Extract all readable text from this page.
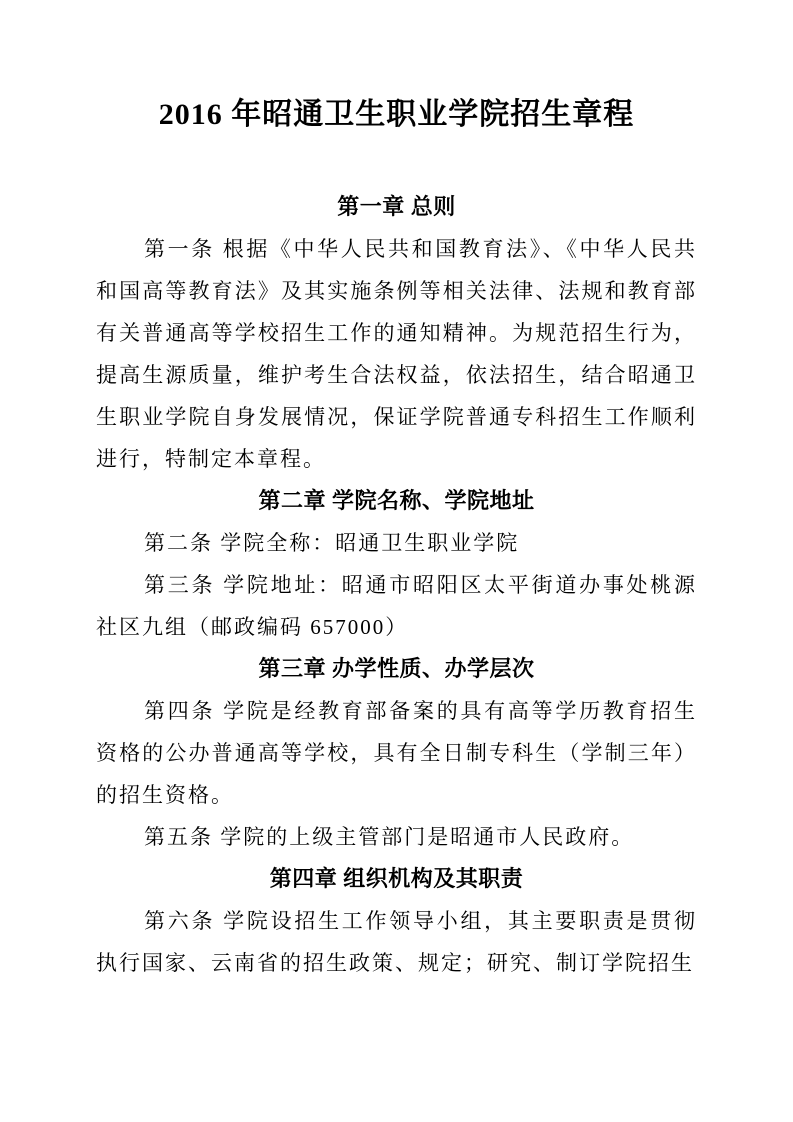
2016 年昭通卫生职业学院招生章程
第一章 总则

第一条 根据《中华人民共和国教育法》、《中华人民共和国高等教育法》及其实施条例等相关法律、法规和教育部有关普通高等学校招生工作的通知精神。为规范招生行为，提高生源质量，维护考生合法权益，依法招生，结合昭通卫生职业学院自身发展情况，保证学院普通专科招生工作顺利进行，特制定本章程。

第二章 学院名称、学院地址

第二条 学院全称：昭通卫生职业学院

第三条 学院地址：昭通市昭阳区太平街道办事处桃源社区九组（邮政编码 657000）

第三章 办学性质、办学层次

第四条 学院是经教育部备案的具有高等学历教育招生资格的公办普通高等学校，具有全日制专科生（学制三年）的招生资格。

第五条 学院的上级主管部门是昭通市人民政府。

第四章 组织机构及其职责

第六条 学院设招生工作领导小组，其主要职责是贯彻执行国家、云南省的招生政策、规定；研究、制订学院招生
